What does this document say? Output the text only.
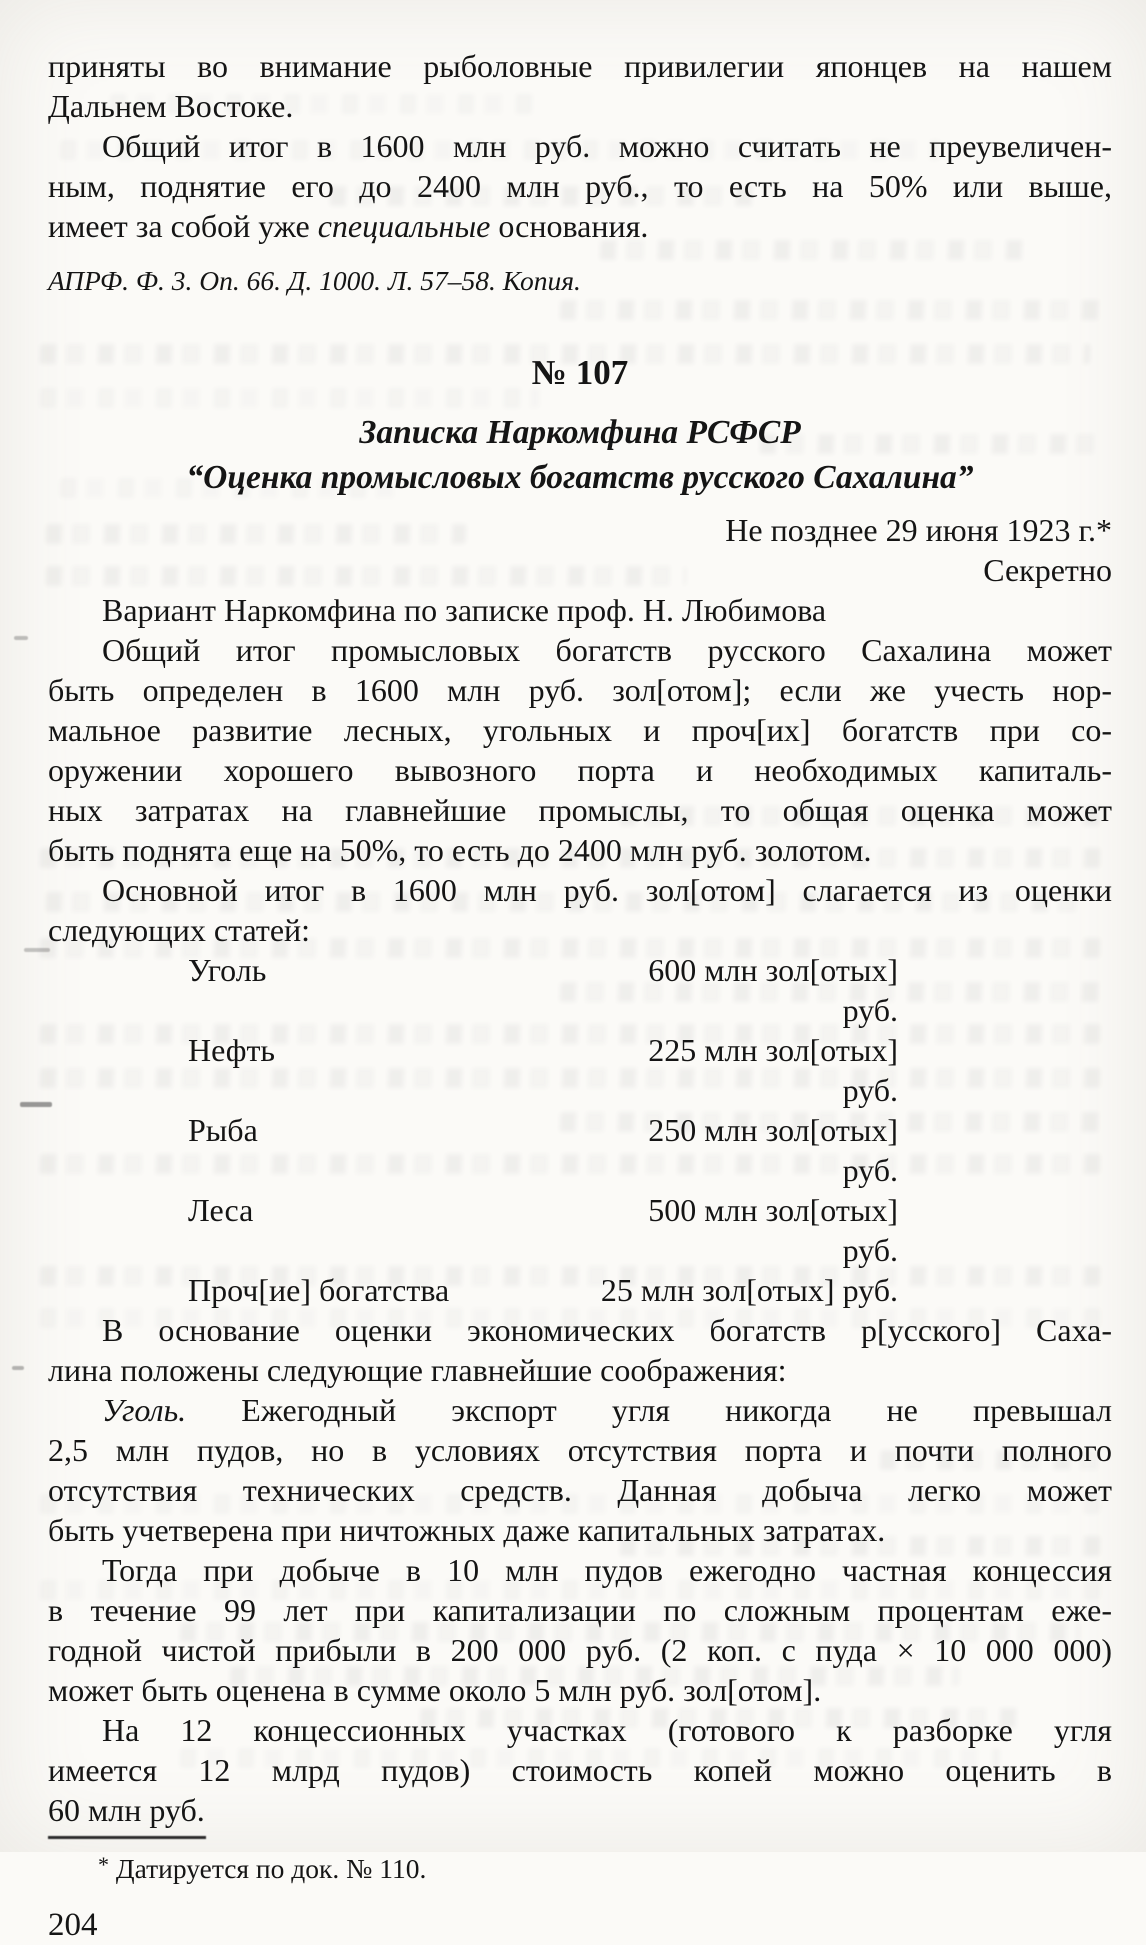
приняты во внимание рыболовные привилегии японцев на нашем
Дальнем Востоке.
Общий итог в 1600 млн руб. можно считать не преувеличен-
ным, поднятие его до 2400 млн руб., то есть на 50% или выше,
имеет за собой уже специальные основания.
АПРФ. Ф. 3. Оп. 66. Д. 1000. Л. 57–58. Копия.
№ 107
Записка Наркомфина РСФСР
“Оценка промысловых богатств русского Сахалина”
Не позднее 29 июня 1923 г.*
Секретно
Вариант Наркомфина по записке проф. Н. Любимова
Общий итог промысловых богатств русского Сахалина может
быть определен в 1600 млн руб. зол[отом]; если же учесть нор-
мальное развитие лесных, угольных и проч[их] богатств при со-
оружении хорошего вывозного порта и необходимых капиталь-
ных затратах на главнейшие промыслы, то общая оценка может
быть поднята еще на 50%, то есть до 2400 млн руб. золотом.
Основной итог в 1600 млн руб. зол[отом] слагается из оценки
следующих статей:
Уголь	600 млн зол[отых] руб.
Нефть	225 млн зол[отых] руб.
Рыба	250 млн зол[отых] руб.
Леса	500 млн зол[отых] руб.
Проч[ие] богатства	25 млн зол[отых] руб.
В основание оценки экономических богатств р[усского] Саха-
лина положены следующие главнейшие соображения:
Уголь. Ежегодный экспорт угля никогда не превышал
2,5 млн пудов, но в условиях отсутствия порта и почти полного
отсутствия технических средств. Данная добыча легко может
быть учетверена при ничтожных даже капитальных затратах.
Тогда при добыче в 10 млн пудов ежегодно частная концессия
в течение 99 лет при капитализации по сложным процентам еже-
годной чистой прибыли в 200 000 руб. (2 коп. с пуда × 10 000 000)
может быть оценена в сумме около 5 млн руб. зол[отом].
На 12 концессионных участках (готового к разборке угля
имеется 12 млрд пудов) стоимость копей можно оценить в
60 млн руб.
* Датируется по док. № 110.
204
